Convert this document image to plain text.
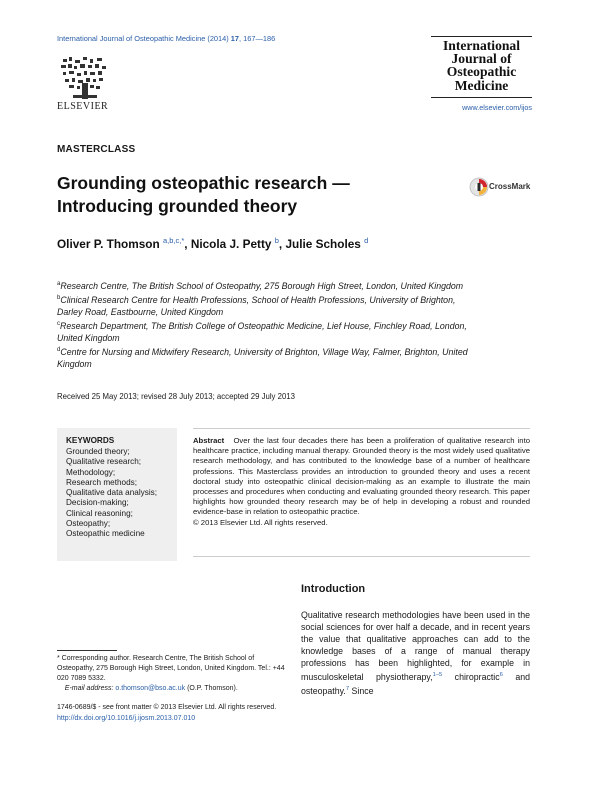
International Journal of Osteopathic Medicine (2014) 17, 167—186
ELSEVIER
International
Journal of
Osteopathic
Medicine
www.elsevier.com/ijos
MASTERCLASS
Grounding osteopathic research —
Introducing grounded theory
CrossMark
Oliver P. Thomson $^{a,b,c,*}$, Nicola J. Petty $^b$, Julie Scholes $^d$
$^a$Research Centre, The British School of Osteopathy, 275 Borough High Street, London, United Kingdom
$^b$Clinical Research Centre for Health Professions, School of Health Professions, University of Brighton, Darley Road, Eastbourne, United Kingdom
$^c$Research Department, The British College of Osteopathic Medicine, Lief House, Finchley Road, London, United Kingdom
$^d$Centre for Nursing and Midwifery Research, University of Brighton, Village Way, Falmer, Brighton, United Kingdom
Received 25 May 2013; revised 28 July 2013; accepted 29 July 2013
KEYWORDS
Grounded theory;
Qualitative research;
Methodology;
Research methods;
Qualitative data analysis;
Decision-making;
Clinical reasoning;
Osteopathy;
Osteopathic medicine
Abstract Over the last four decades there has been a proliferation of qualitative research into healthcare practice, including manual therapy. Grounded theory is the most widely used qualitative research methodology, and has contributed to the knowledge base of a number of healthcare professions. This Masterclass provides an introduction to grounded theory and uses a recent doctoral study into osteopathic clinical decision-making as an example to illustrate the main processes and procedures when conducting and evaluating grounded theory research. This paper highlights how grounded theory research may be of help in developing a robust and rounded evidence-base in relation to osteopathic practice.
© 2013 Elsevier Ltd. All rights reserved.
Introduction
Qualitative research methodologies have been used in the social sciences for over half a decade, and in recent years the value that qualitative approaches can add to the knowledge bases of a range of manual therapy professions has been highlighted, for example in musculoskeletal physiotherapy,$^{1-5}$ chiropractic$^6$ and osteopathy.$^7$ Since
* Corresponding author. Research Centre, The British School of Osteopathy, 275 Borough High Street, London, United Kingdom. Tel.: +44 020 7089 5332.
E-mail address: o.thomson@bso.ac.uk (O.P. Thomson).
1746-0689/$ - see front matter © 2013 Elsevier Ltd. All rights reserved.
http://dx.doi.org/10.1016/j.ijosm.2013.07.010
